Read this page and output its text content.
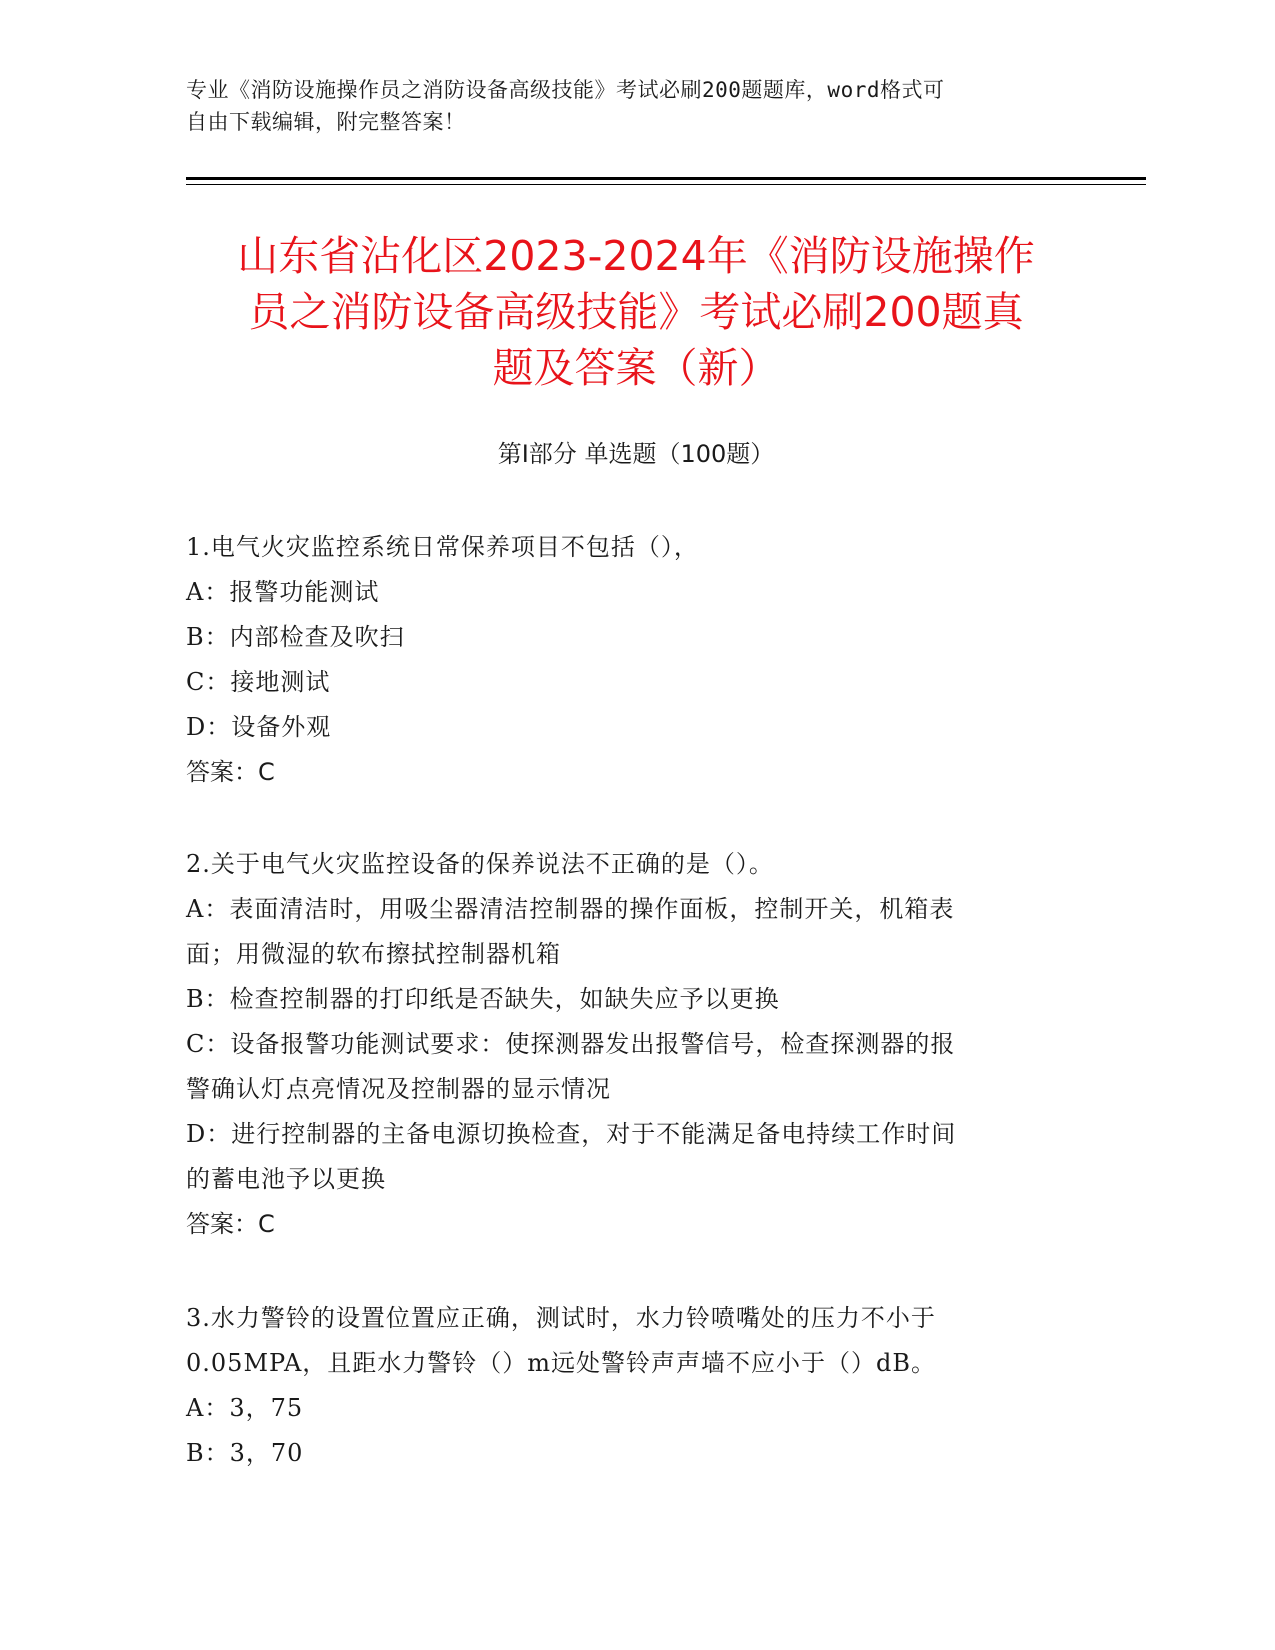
专业《消防设施操作员之消防设备高级技能》考试必刷200题题库，word格式可
自由下载编辑，附完整答案！
山东省沾化区2023-2024年《消防设施操作
员之消防设备高级技能》考试必刷200题真
题及答案（新）
第Ⅰ部分 单选题（100题）
1.电气火灾监控系统日常保养项目不包括（），
A：报警功能测试
B：内部检查及吹扫
C：接地测试
D：设备外观
答案：C
2.关于电气火灾监控设备的保养说法不正确的是（）。
A：表面清洁时，用吸尘器清洁控制器的操作面板，控制开关，机箱表
面；用微湿的软布擦拭控制器机箱
B：检查控制器的打印纸是否缺失，如缺失应予以更换
C：设备报警功能测试要求：使探测器发出报警信号，检查探测器的报
警确认灯点亮情况及控制器的显示情况
D：进行控制器的主备电源切换检查，对于不能满足备电持续工作时间
的蓄电池予以更换
答案：C
3.水力警铃的设置位置应正确，测试时，水力铃喷嘴处的压力不小于
0.05MPA，且距水力警铃（）m远处警铃声声墙不应小于（）dB。
A：3，75
B：3，70
